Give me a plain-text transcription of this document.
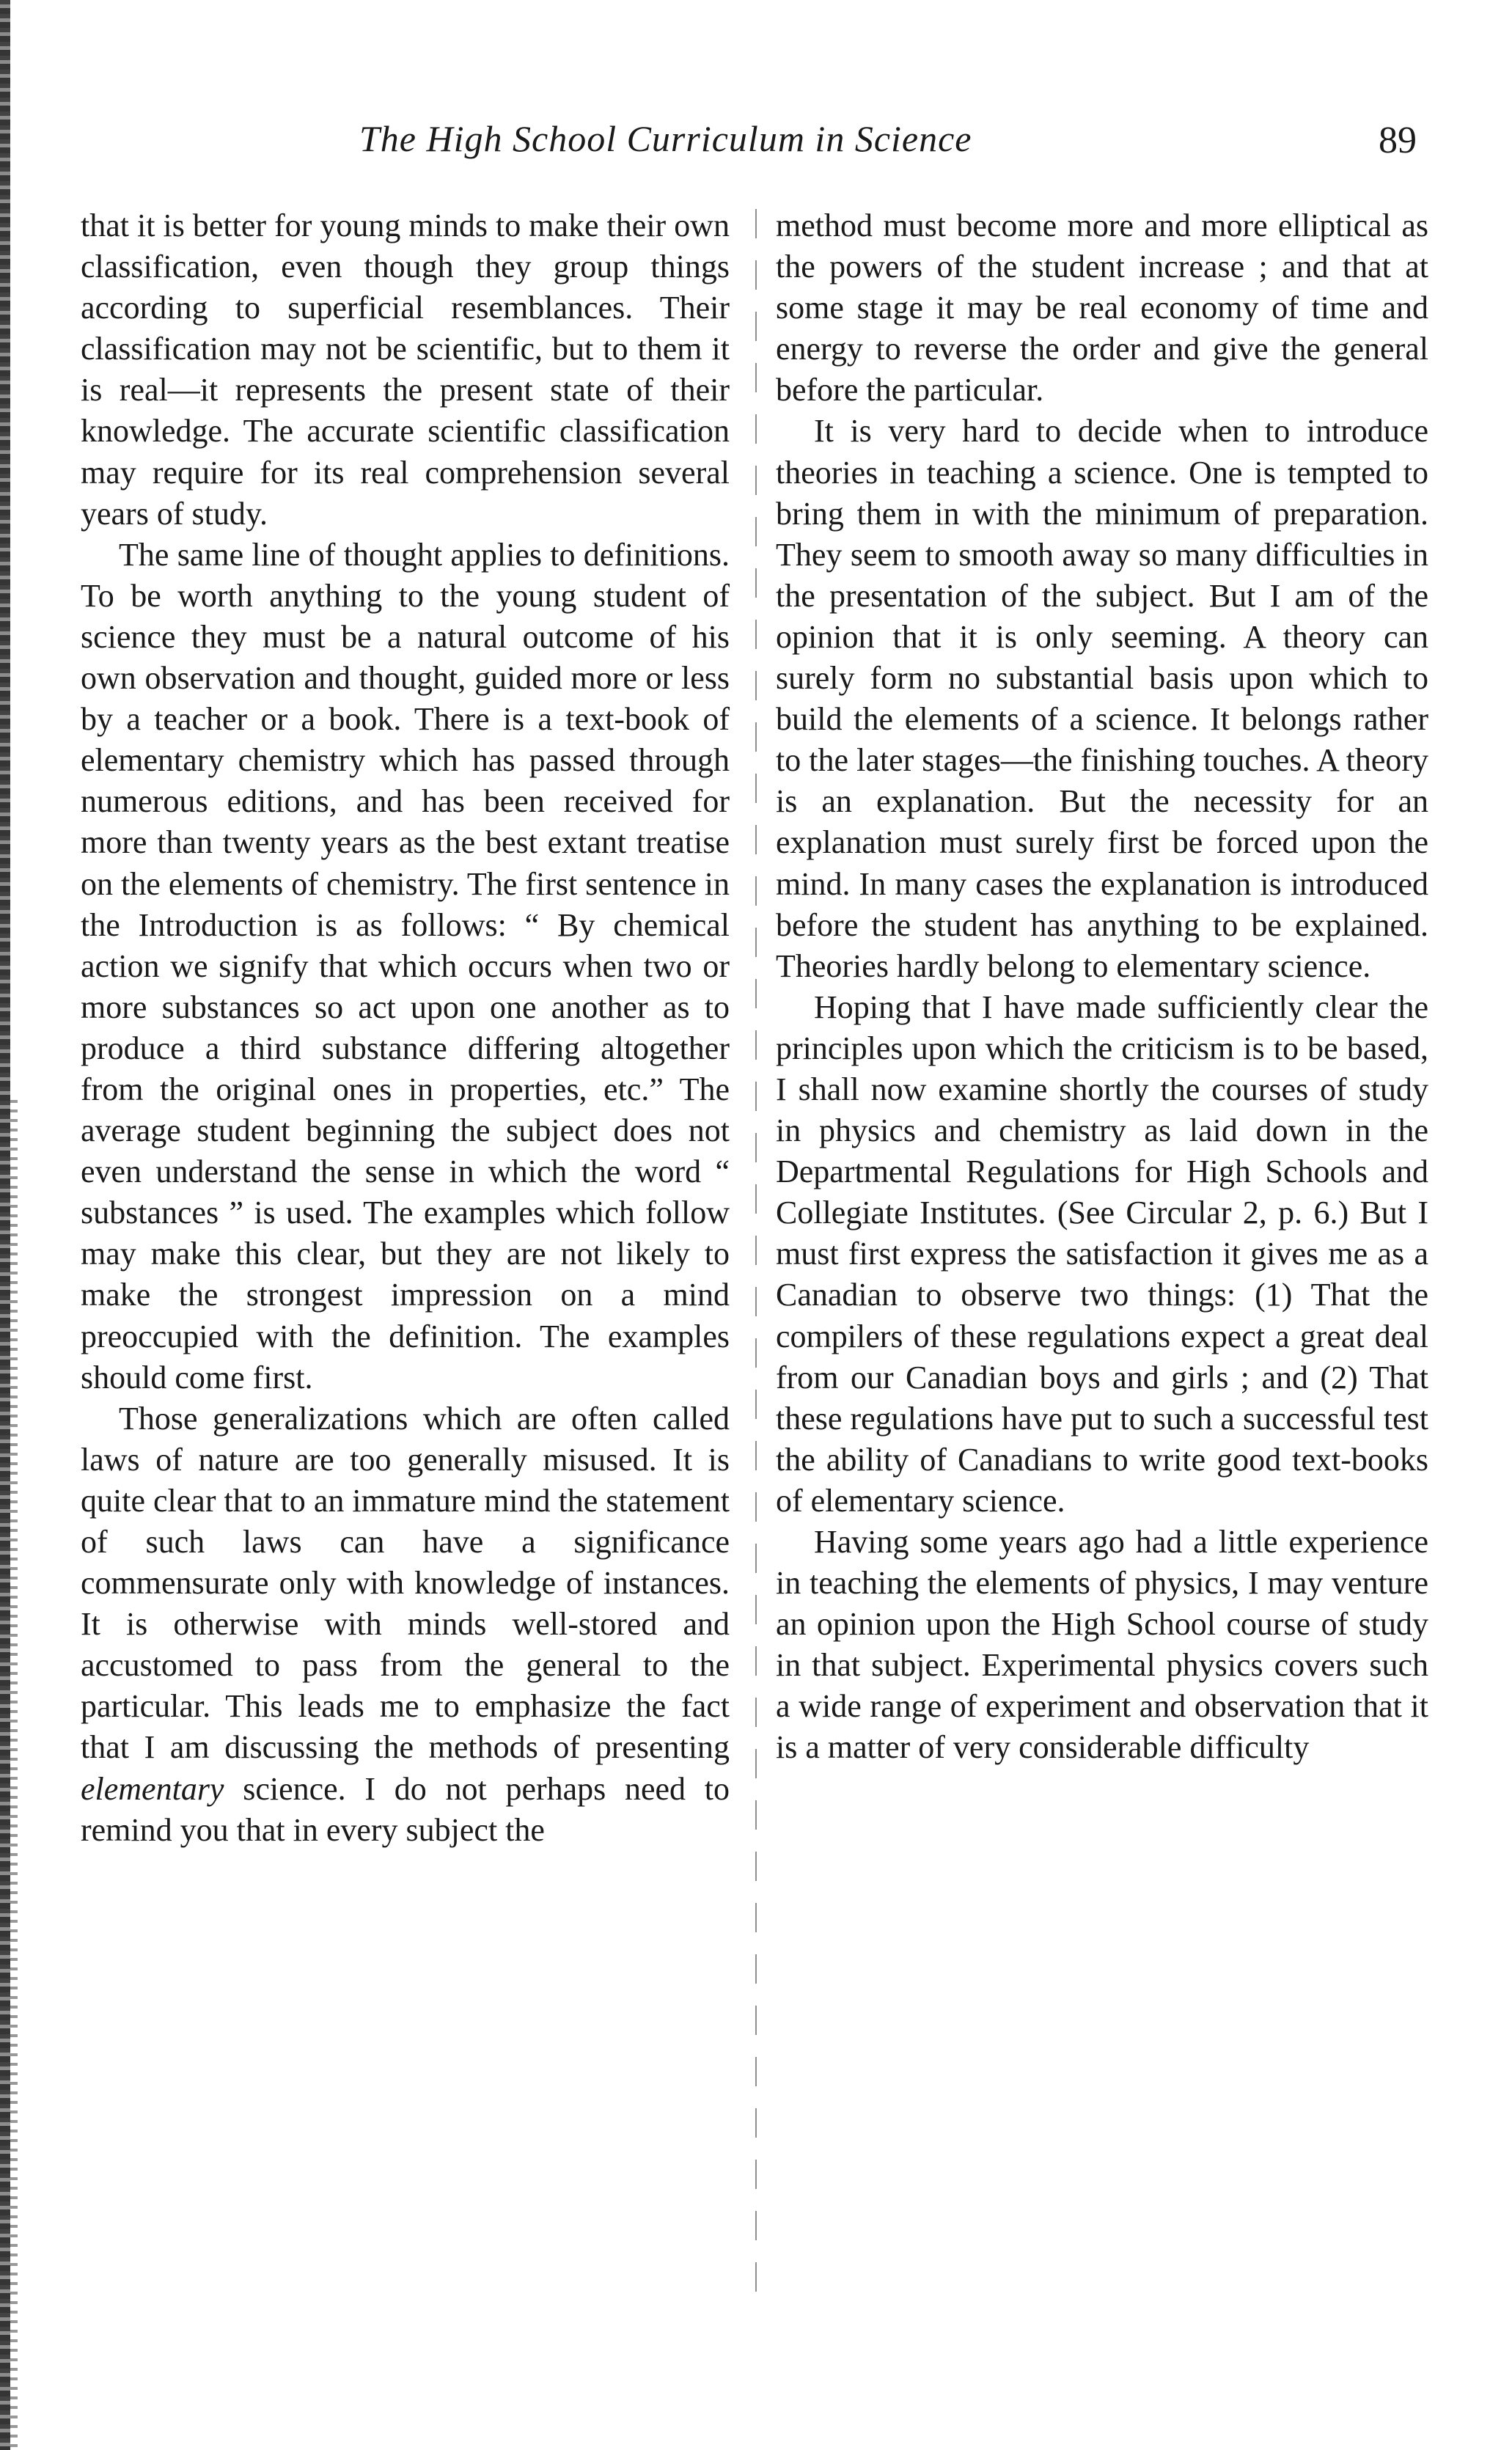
The High School Curriculum in Science	89

that it is better for young minds to make their own classification, even though they group things according to superficial resemblances. Their classification may not be scientific, but to them it is real—it represents the present state of their knowledge. The accurate scientific classification may require for its real comprehension several years of study.

The same line of thought applies to definitions. To be worth anything to the young student of science they must be a natural outcome of his own observation and thought, guided more or less by a teacher or a book. There is a text-book of elementary chemistry which has passed through numerous editions, and has been received for more than twenty years as the best extant treatise on the elements of chemistry. The first sentence in the Introduction is as follows: “ By chemical action we signify that which occurs when two or more substances so act upon one another as to produce a third substance differing altogether from the original ones in properties, etc.” The average student beginning the subject does not even understand the sense in which the word “ substances ” is used. The examples which follow may make this clear, but they are not likely to make the strongest impression on a mind preoccupied with the definition. The examples should come first.

Those generalizations which are often called laws of nature are too generally misused. It is quite clear that to an immature mind the statement of such laws can have a significance commensurate only with knowledge of instances. It is otherwise with minds well-stored and accustomed to pass from the general to the particular. This leads me to emphasize the fact that I am discussing the methods of presenting elementary science. I do not perhaps need to remind you that in every subject the

method must become more and more elliptical as the powers of the student increase ; and that at some stage it may be real economy of time and energy to reverse the order and give the general before the particular.

It is very hard to decide when to introduce theories in teaching a science. One is tempted to bring them in with the minimum of preparation. They seem to smooth away so many difficulties in the presentation of the subject. But I am of the opinion that it is only seeming. A theory can surely form no substantial basis upon which to build the elements of a science. It belongs rather to the later stages—the finishing touches. A theory is an explanation. But the necessity for an explanation must surely first be forced upon the mind. In many cases the explanation is introduced before the student has anything to be explained. Theories hardly belong to elementary science.

Hoping that I have made sufficiently clear the principles upon which the criticism is to be based, I shall now examine shortly the courses of study in physics and chemistry as laid down in the Departmental Regulations for High Schools and Collegiate Institutes. (See Circular 2, p. 6.) But I must first express the satisfaction it gives me as a Canadian to observe two things: (1) That the compilers of these regulations expect a great deal from our Canadian boys and girls ; and (2) That these regulations have put to such a successful test the ability of Canadians to write good text-books of elementary science.

Having some years ago had a little experience in teaching the elements of physics, I may venture an opinion upon the High School course of study in that subject. Experimental physics covers such a wide range of experiment and observation that it is a matter of very considerable difficulty
